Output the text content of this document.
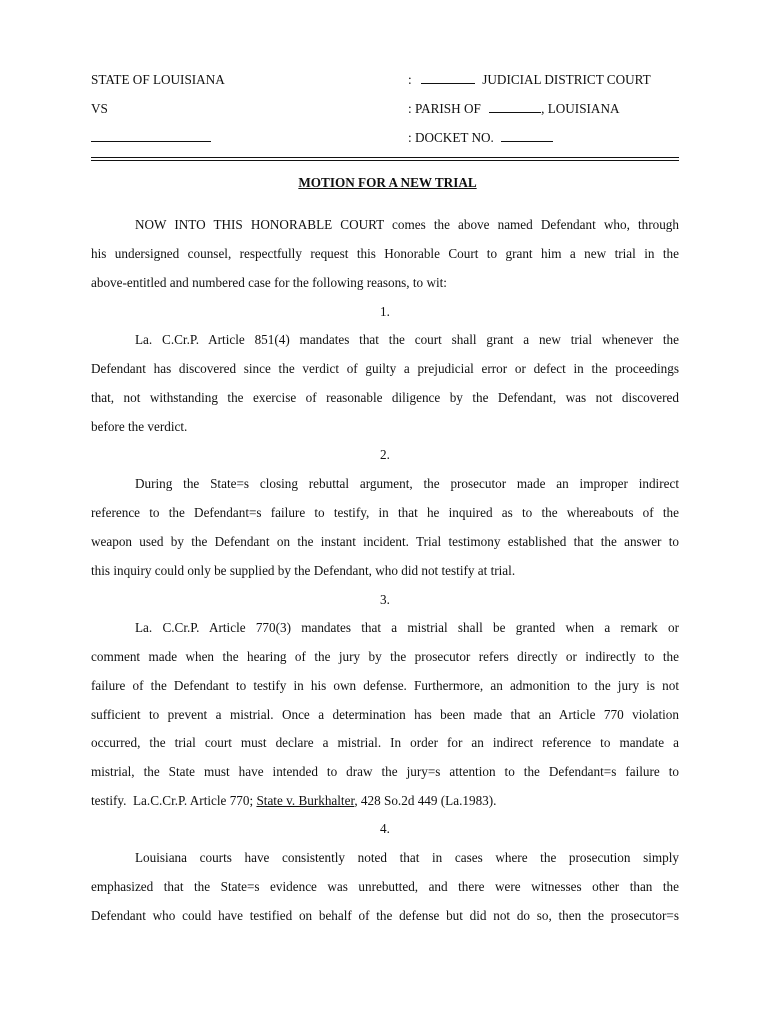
STATE OF LOUISIANA	:	JUDICIAL DISTRICT COURT
VS	: PARISH OF	, LOUISIANA
: DOCKET NO.
MOTION FOR A NEW TRIAL
NOW INTO THIS HONORABLE COURT comes the above named Defendant who, through
his undersigned counsel, respectfully request this Honorable Court to grant him a new trial in the
above-entitled and numbered case for the following reasons, to wit:
1.
La. C.Cr.P. Article 851(4) mandates that the court shall grant a new trial whenever the
Defendant has discovered since the verdict of guilty a prejudicial error or defect in the proceedings
that, not withstanding the exercise of reasonable diligence by the Defendant, was not discovered
before the verdict.
2.
During the State=s closing rebuttal argument, the prosecutor made an improper indirect
reference to the Defendant=s failure to testify, in that he inquired as to the whereabouts of the
weapon used by the Defendant on the instant incident. Trial testimony established that the answer to
this inquiry could only be supplied by the Defendant, who did not testify at trial.
3.
La. C.Cr.P. Article 770(3) mandates that a mistrial shall be granted when a remark or
comment made when the hearing of the jury by the prosecutor refers directly or indirectly to the
failure of the Defendant to testify in his own defense. Furthermore, an admonition to the jury is not
sufficient to prevent a mistrial. Once a determination has been made that an Article 770 violation
occurred, the trial court must declare a mistrial. In order for an indirect reference to mandate a
mistrial, the State must have intended to draw the jury=s attention to the Defendant=s failure to
testify.  La.C.Cr.P. Article 770; State v. Burkhalter, 428 So.2d 449 (La.1983).
4.
Louisiana courts have consistently noted that in cases where the prosecution simply
emphasized that the State=s evidence was unrebutted, and there were witnesses other than the
Defendant who could have testified on behalf of the defense but did not do so, then the prosecutor=s
